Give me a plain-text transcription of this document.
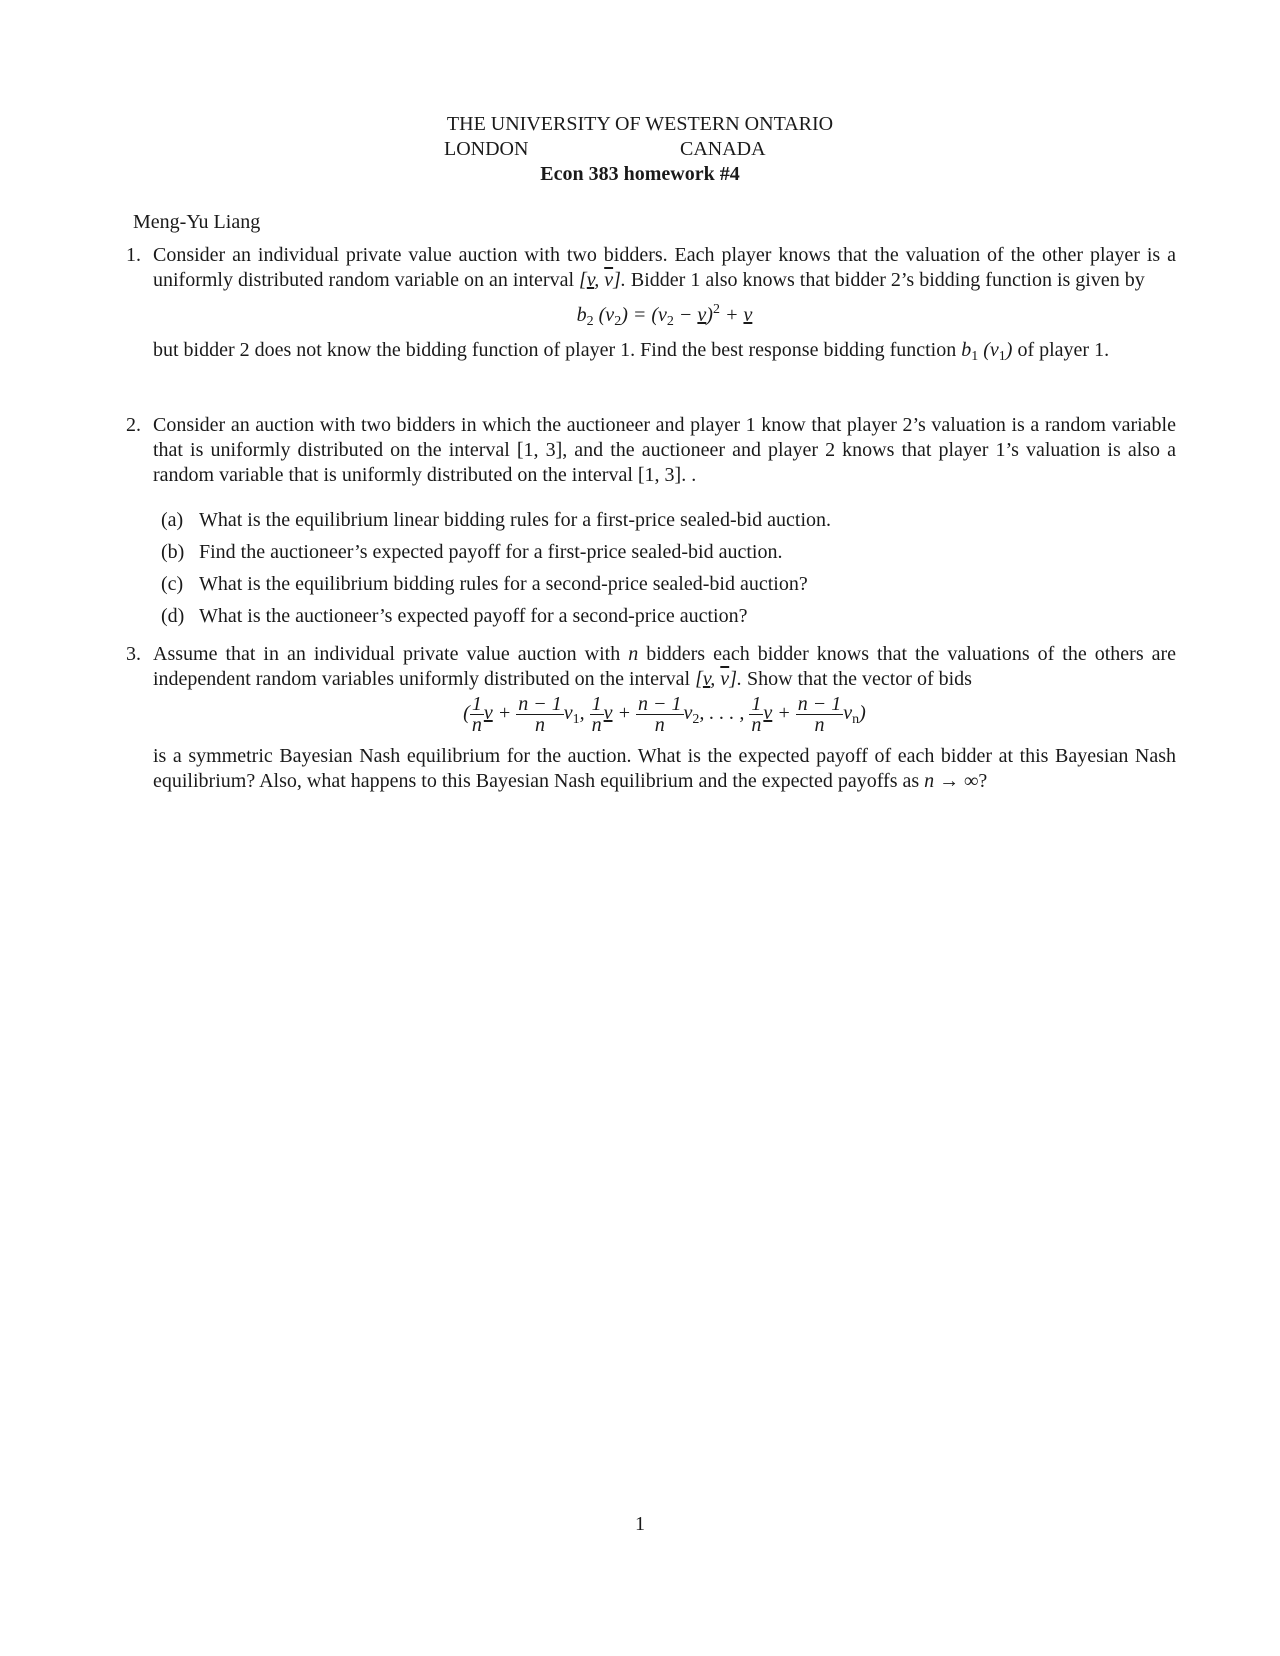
THE UNIVERSITY OF WESTERN ONTARIO
LONDON	CANADA
Econ 383 homework #4
Meng-Yu Liang
1. Consider an individual private value auction with two bidders. Each player knows that the valuation of the other player is a uniformly distributed random variable on an interval [v, $\overline{v}$]. Bidder 1 also knows that bidder 2’s bidding function is given by
$b_2$ $(v_2) = (v_2 - v)^2 + v$
but bidder 2 does not know the bidding function of player 1. Find the best response bidding function $b_1$ $(v_1)$ of player 1.
2. Consider an auction with two bidders in which the auctioneer and player 1 know that player 2’s valuation is a random variable that is uniformly distributed on the interval [1, 3], and the auctioneer and player 2 knows that player 1’s valuation is also a random variable that is uniformly distributed on the interval [1, 3]. .
(a) What is the equilibrium linear bidding rules for a first-price sealed-bid auction.
(b) Find the auctioneer’s expected payoff for a first-price sealed-bid auction.
(c) What is the equilibrium bidding rules for a second-price sealed-bid auction?
(d) What is the auctioneer’s expected payoff for a second-price auction?
3. Assume that in an individual private value auction with n bidders each bidder knows that the valuations of the others are independent random variables uniformly distributed on the interval [v, $\overline{v}$]. Show that the vector of bids
( $\frac{1}{n}$ $v + \frac{n - 1}{n} v_1$, $\frac{1}{n}$ $v + \frac{n - 1}{n} v_2$, . . . , $\frac{1}{n}$ $v + \frac{n - 1}{n} v_n$)
is a symmetric Bayesian Nash equilibrium for the auction. What is the expected payoff of each bidder at this Bayesian Nash equilibrium? Also, what happens to this Bayesian Nash equilibrium and the expected payoffs as n → ∞?
1
